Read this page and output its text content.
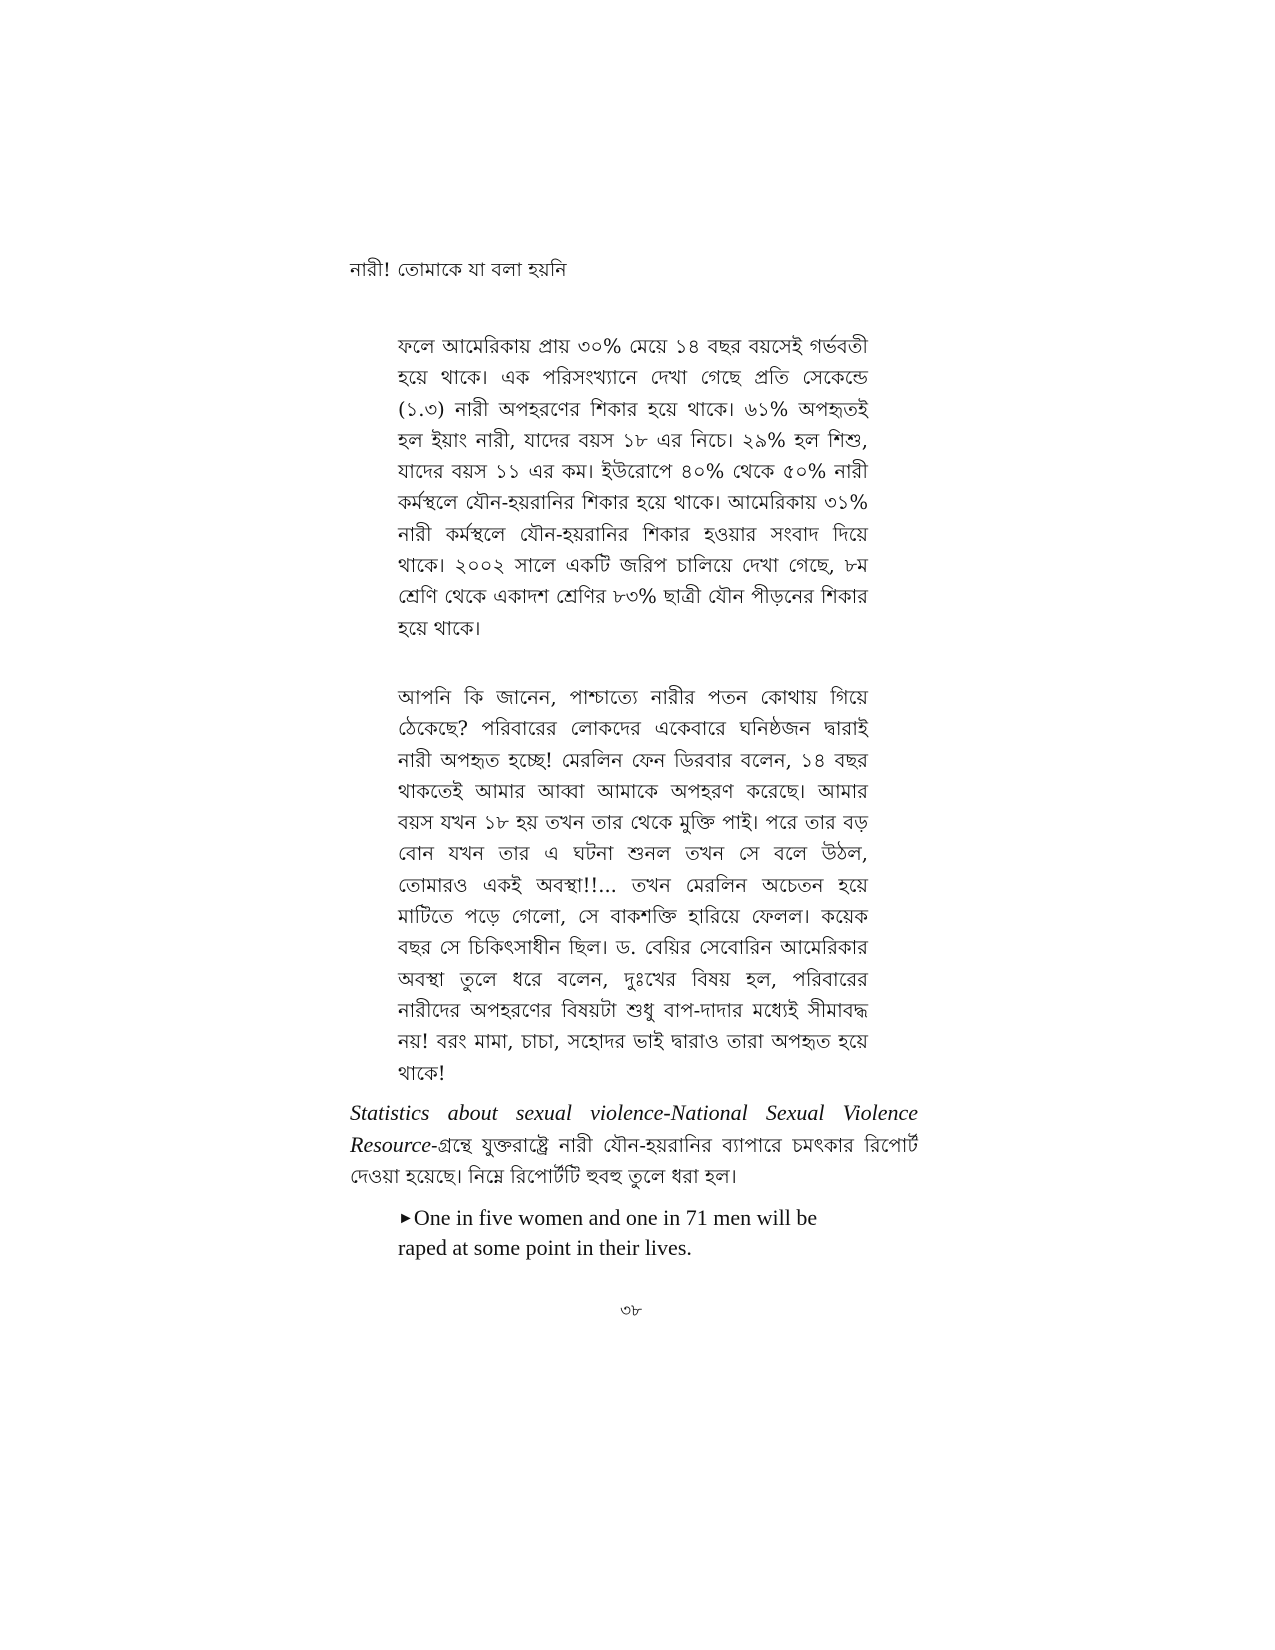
নারী! তোমাকে যা বলা হয়নি

ফলে আমেরিকায় প্রায় ৩০% মেয়ে ১৪ বছর বয়সেই গর্ভবতী হয়ে থাকে। এক পরিসংখ্যানে দেখা গেছে প্রতি সেকেন্ডে (১.৩) নারী অপহরণের শিকার হয়ে থাকে। ৬১% অপহৃতই হল ইয়াং নারী, যাদের বয়স ১৮ এর নিচে। ২৯% হল শিশু, যাদের বয়স ১১ এর কম। ইউরোপে ৪০% থেকে ৫০% নারী কর্মস্থলে যৌন-হয়রানির শিকার হয়ে থাকে। আমেরিকায় ৩১% নারী কর্মস্থলে যৌন-হয়রানির শিকার হওয়ার সংবাদ দিয়ে থাকে। ২০০২ সালে একটি জরিপ চালিয়ে দেখা গেছে, ৮ম শ্রেণি থেকে একাদশ শ্রেণির ৮৩% ছাত্রী যৌন পীড়নের শিকার হয়ে থাকে।

আপনি কি জানেন, পাশ্চাত্যে নারীর পতন কোথায় গিয়ে ঠেকেছে? পরিবারের লোকদের একেবারে ঘনিষ্ঠজন দ্বারাই নারী অপহৃত হচ্ছে! মেরলিন ফেন ডিরবার বলেন, ১৪ বছর থাকতেই আমার আব্বা আমাকে অপহরণ করেছে। আমার বয়স যখন ১৮ হয় তখন তার থেকে মুক্তি পাই। পরে তার বড় বোন যখন তার এ ঘটনা শুনল তখন সে বলে উঠল, তোমারও একই অবস্থা!!... তখন মেরলিন অচেতন হয়ে মাটিতে পড়ে গেলো, সে বাকশক্তি হারিয়ে ফেলল। কয়েক বছর সে চিকিৎসাধীন ছিল। ড. বেয়ির সেবোরিন আমেরিকার অবস্থা তুলে ধরে বলেন, দুঃখের বিষয় হল, পরিবারের নারীদের অপহরণের বিষয়টা শুধু বাপ-দাদার মধ্যেই সীমাবদ্ধ নয়! বরং মামা, চাচা, সহোদর ভাই দ্বারাও তারা অপহৃত হয়ে থাকে!

Statistics about sexual violence-National Sexual Violence Resource-গ্রন্থে যুক্তরাষ্ট্রে নারী যৌন-হয়রানির ব্যাপারে চমৎকার রিপোর্ট দেওয়া হয়েছে। নিম্নে রিপোর্টটি হুবহু তুলে ধরা হল।

►One in five women and one in 71 men will be raped at some point in their lives.

৩৮
